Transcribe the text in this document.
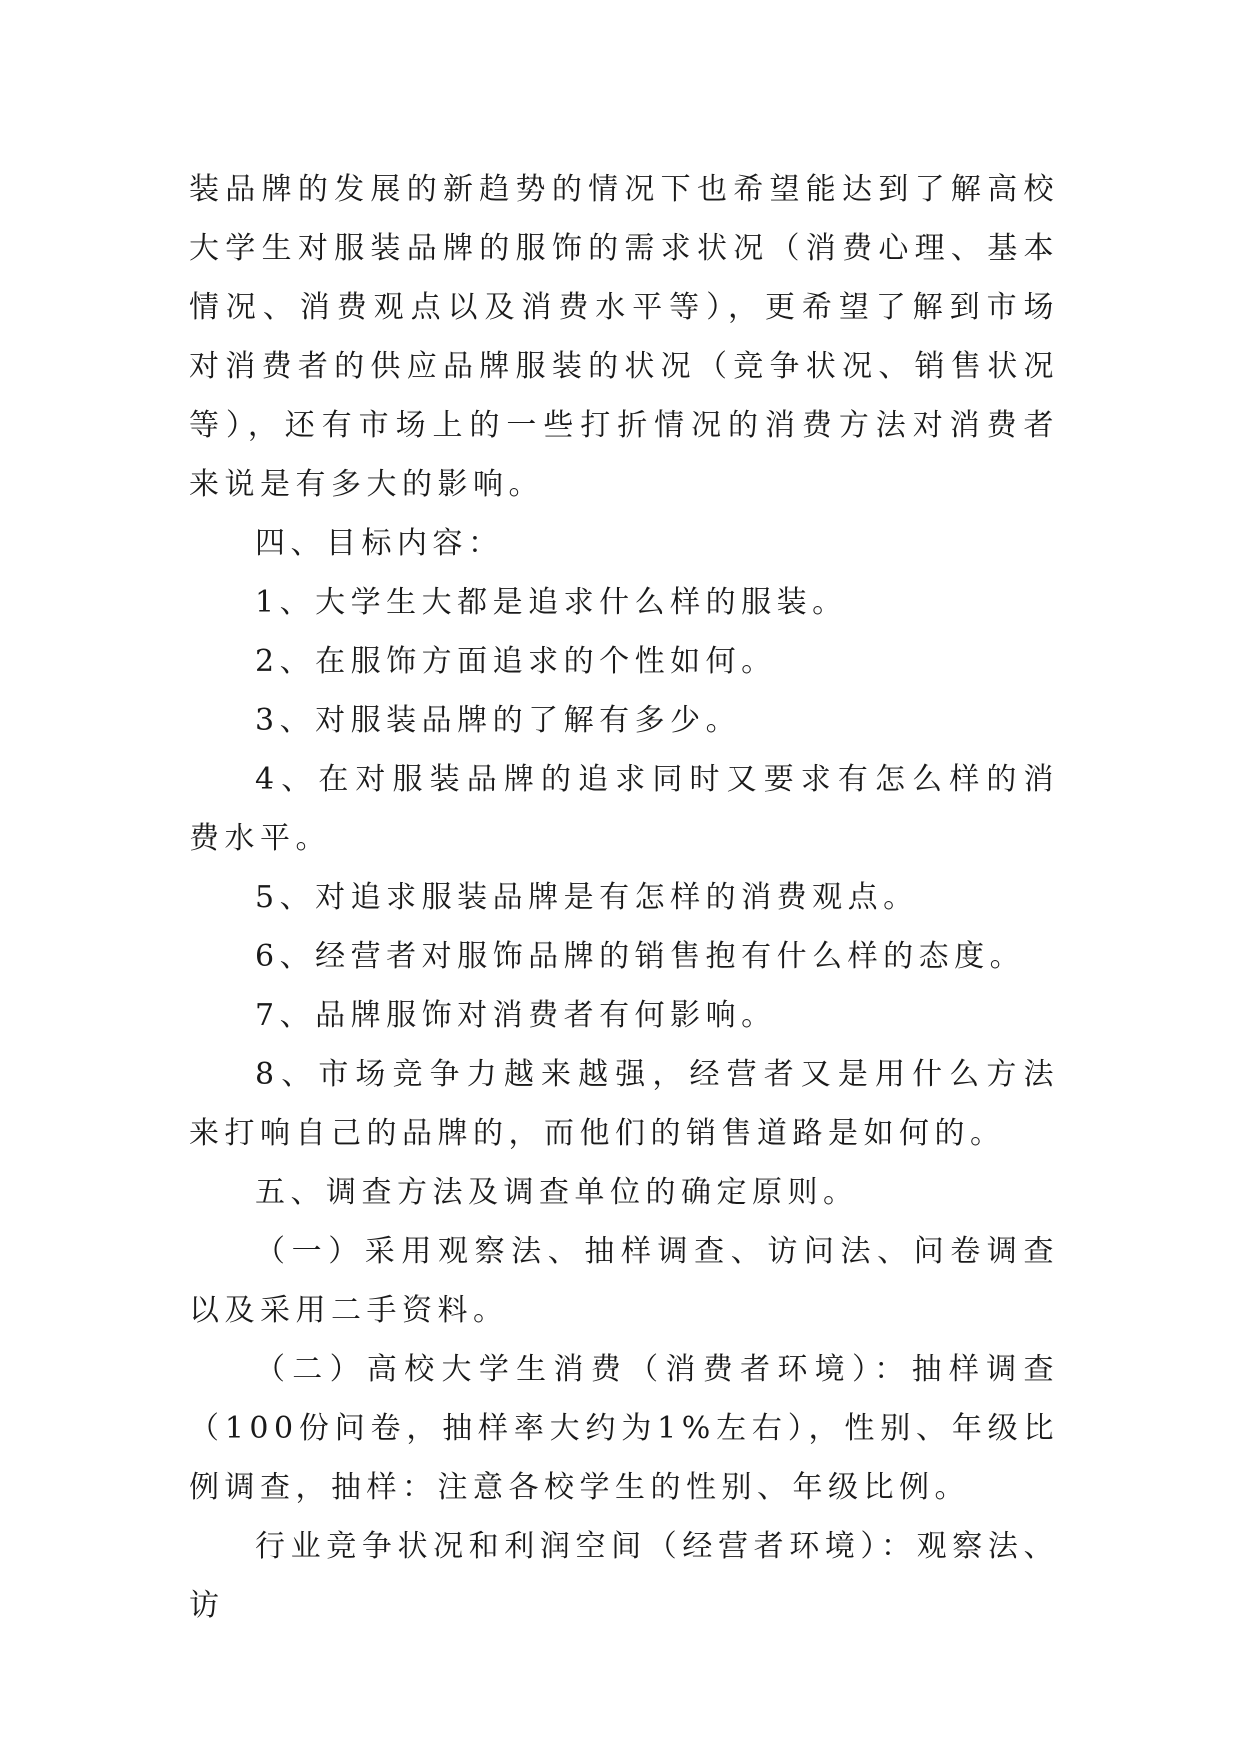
装品牌的发展的新趋势的情况下也希望能达到了解高校大学生对服装品牌的服饰的需求状况（消费心理、基本情况、消费观点以及消费水平等），更希望了解到市场对消费者的供应品牌服装的状况（竞争状况、销售状况等），还有市场上的一些打折情况的消费方法对消费者来说是有多大的影响。

四、目标内容：

1、大学生大都是追求什么样的服装。

2、在服饰方面追求的个性如何。

3、对服装品牌的了解有多少。

4、在对服装品牌的追求同时又要求有怎么样的消费水平。

5、对追求服装品牌是有怎样的消费观点。

6、经营者对服饰品牌的销售抱有什么样的态度。

7、品牌服饰对消费者有何影响。

8、市场竞争力越来越强，经营者又是用什么方法来打响自己的品牌的，而他们的销售道路是如何的。

五、调查方法及调查单位的确定原则。

（一）采用观察法、抽样调查、访问法、问卷调查以及采用二手资料。

（二）高校大学生消费（消费者环境）：抽样调查（100份问卷，抽样率大约为1%左右），性别、年级比例调查，抽样：注意各校学生的性别、年级比例。

行业竞争状况和利润空间（经营者环境）：观察法、访
